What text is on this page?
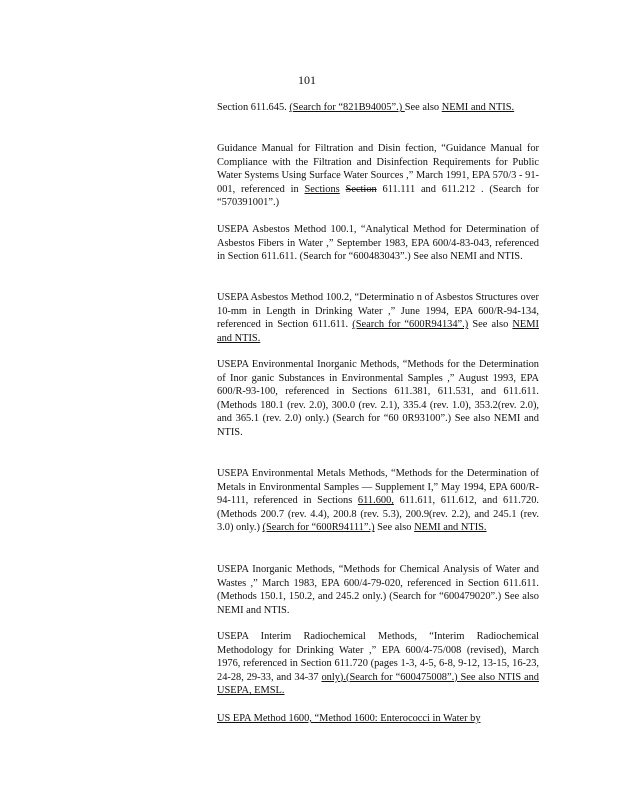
101
Section 611.645. (Search for “821B94005”.) See also NEMI and NTIS.
Guidance Manual for Filtration and Disin fection, “Guidance Manual for Compliance with the Filtration and Disinfection Requirements for Public Water Systems Using Surface Water Sources ,” March 1991, EPA 570/3 - 91-001, referenced in Sections Section 611.111 and 611.212 . (Search for “570391001”.)
USEPA Asbestos Method 100.1, “Analytical Method for Determination of Asbestos Fibers in Water ,” September 1983, EPA 600/4-83-043, referenced in Section 611.611. (Search for “600483043”.) See also NEMI and NTIS.
USEPA Asbestos Method 100.2, “Determinatio n of Asbestos Structures over 10-mm in Length in Drinking Water ,” June 1994, EPA 600/R-94-134, referenced in Section 611.611. (Search for “600R94134”.) See also NEMI and NTIS.
USEPA Environmental Inorganic Methods, “Methods for the Determination of Inor ganic Substances in Environmental Samples ,” August 1993, EPA 600/R-93-100, referenced in Sections 611.381, 611.531, and 611.611. (Methods 180.1 (rev. 2.0), 300.0 (rev. 2.1), 335.4 (rev. 1.0), 353.2(rev. 2.0), and 365.1 (rev. 2.0) only.) (Search for “60 0R93100”.) See also NEMI and NTIS.
USEPA Environmental Metals Methods, “Methods for the Determination of Metals in Environmental Samples — Supplement I,” May 1994, EPA 600/R-94-111, referenced in Sections 611.600, 611.611, 611.612, and 611.720. (Methods 200.7 (rev. 4.4), 200.8 (rev. 5.3), 200.9(rev. 2.2), and 245.1 (rev. 3.0) only.) (Search for “600R94111”.) See also NEMI and NTIS.
USEPA Inorganic Methods, “Methods for Chemical Analysis of Water and Wastes ,” March 1983, EPA 600/4-79-020, referenced in Section 611.611. (Methods 150.1, 150.2, and 245.2 only.) (Search for “600479020”.) See also NEMI and NTIS.
USEPA Interim Radiochemical Methods, “Interim Radiochemical Methodology for Drinking Water ,” EPA 600/4-75/008 (revised), March 1976, referenced in Section 611.720 (pages 1-3, 4-5, 6-8, 9-12, 13-15, 16-23, 24-28, 29-33, and 34-37 only).(Search for “600475008”.) See also NTIS and USEPA, EMSL.
US EPA Method 1600, “Method 1600: Enterococci in Water by
